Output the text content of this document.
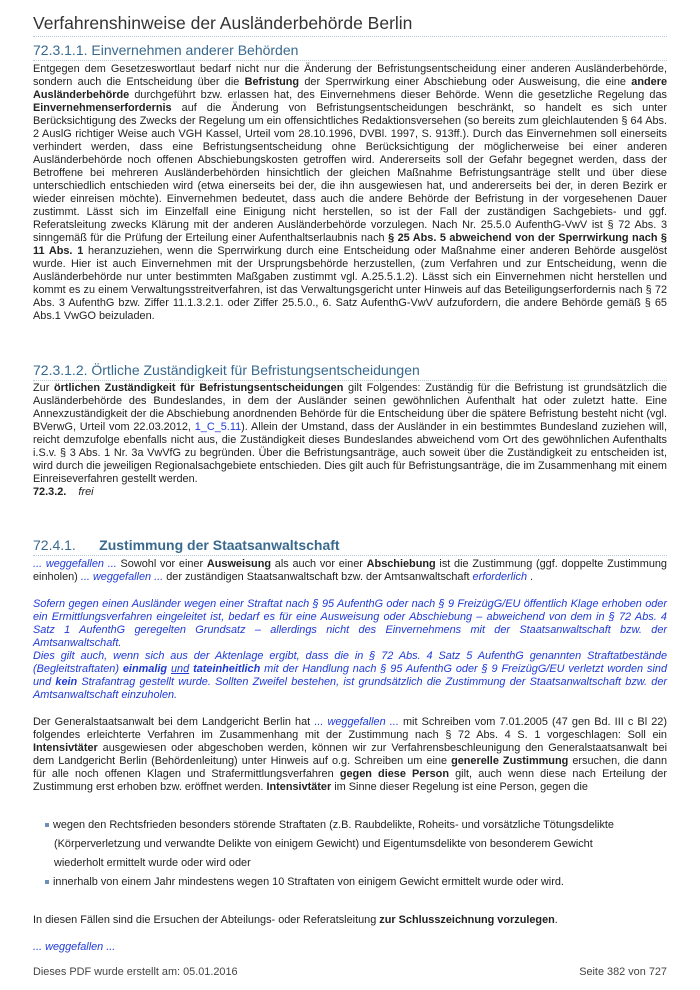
Verfahrenshinweise der Ausländerbehörde Berlin
72.3.1.1. Einvernehmen anderer Behörden

Entgegen dem Gesetzeswortlaut bedarf nicht nur die Änderung der Befristungsentscheidung einer anderen Ausländerbehörde, sondern auch die Entscheidung über die Befristung der Sperrwirkung einer Abschiebung oder Ausweisung, die eine andere Ausländerbehörde durchgeführt bzw. erlassen hat, des Einvernehmens dieser Behörde. Wenn die gesetzliche Regelung das Einvernehmenserfordernis auf die Änderung von Befristungsentscheidungen beschränkt, so handelt es sich unter Berücksichtigung des Zwecks der Regelung um ein offensichtliches Redaktionsversehen (so bereits zum gleichlautenden § 64 Abs. 2 AuslG richtiger Weise auch VGH Kassel, Urteil vom 28.10.1996, DVBl. 1997, S. 913ff.). Durch das Einvernehmen soll einerseits verhindert werden, dass eine Befristungsentscheidung ohne Berücksichtigung der möglicherweise bei einer anderen Ausländerbehörde noch offenen Abschiebungskosten getroffen wird. Andererseits soll der Gefahr begegnet werden, dass der Betroffene bei mehreren Ausländerbehörden hinsichtlich der gleichen Maßnahme Befristungsanträge stellt und über diese unterschiedlich entschieden wird (etwa einerseits bei der, die ihn ausgewiesen hat, und andererseits bei der, in deren Bezirk er wieder einreisen möchte). Einvernehmen bedeutet, dass auch die andere Behörde der Befristung in der vorgesehenen Dauer zustimmt. Lässt sich im Einzelfall eine Einigung nicht herstellen, so ist der Fall der zuständigen Sachgebiets- und ggf. Referatsleitung zwecks Klärung mit der anderen Ausländerbehörde vorzulegen. Nach Nr. 25.5.0 AufenthG-VwV ist § 72 Abs. 3 sinngemäß für die Prüfung der Erteilung einer Aufenthaltserlaubnis nach § 25 Abs. 5 abweichend von der Sperrwirkung nach § 11 Abs. 1 heranzuziehen, wenn die Sperrwirkung durch eine Entscheidung oder Maßnahme einer anderen Behörde ausgelöst wurde. Hier ist auch Einvernehmen mit der Ursprungsbehörde herzustellen, (zum Verfahren und zur Entscheidung, wenn die Ausländerbehörde nur unter bestimmten Maßgaben zustimmt vgl. A.25.5.1.2). Lässt sich ein Einvernehmen nicht herstellen und kommt es zu einem Verwaltungsstreitverfahren, ist das Verwaltungsgericht unter Hinweis auf das Beteiligungserfordernis nach § 72 Abs. 3 AufenthG bzw. Ziffer 11.1.3.2.1. oder Ziffer 25.5.0., 6. Satz AufenthG-VwV aufzufordern, die andere Behörde gemäß § 65 Abs.1 VwGO beizuladen.

72.3.1.2. Örtliche Zuständigkeit für Befristungsentscheidungen

Zur örtlichen Zuständigkeit für Befristungsentscheidungen gilt Folgendes: Zuständig für die Befristung ist grundsätzlich die Ausländerbehörde des Bundeslandes, in dem der Ausländer seinen gewöhnlichen Aufenthalt hat oder zuletzt hatte. Eine Annexzuständigkeit der die Abschiebung anordnenden Behörde für die Entscheidung über die spätere Befristung besteht nicht (vgl. BVerwG, Urteil vom 22.03.2012, 1_C_5.11). Allein der Umstand, dass der Ausländer in ein bestimmtes Bundesland zuziehen will, reicht demzufolge ebenfalls nicht aus, die Zuständigkeit dieses Bundeslandes abweichend vom Ort des gewöhnlichen Aufenthalts i.S.v. § 3 Abs. 1 Nr. 3a VwVfG zu begründen. Über die Befristungsanträge, auch soweit über die Zuständigkeit zu entscheiden ist, wird durch die jeweiligen Regionalsachgebiete entschieden. Dies gilt auch für Befristungsanträge, die im Zusammenhang mit einem Einreiseverfahren gestellt werden.

72.3.2. frei

72.4.1. Zustimmung der Staatsanwaltschaft

... weggefallen ... Sowohl vor einer Ausweisung als auch vor einer Abschiebung ist die Zustimmung (ggf. doppelte Zustimmung einholen) ... weggefallen ... der zuständigen Staatsanwaltschaft bzw. der Amtsanwaltschaft erforderlich .

Sofern gegen einen Ausländer wegen einer Straftat nach § 95 AufenthG oder nach § 9 FreizügG/EU öffentlich Klage erhoben oder ein Ermittlungsverfahren eingeleitet ist, bedarf es für eine Ausweisung oder Abschiebung – abweichend von dem in § 72 Abs. 4 Satz 1 AufenthG geregelten Grundsatz – allerdings nicht des Einvernehmens mit der Staatsanwaltschaft bzw. der Amtsanwaltschaft.

Dies gilt auch, wenn sich aus der Aktenlage ergibt, dass die in § 72 Abs. 4 Satz 5 AufenthG genannten Straftatbestände (Begleitstraftaten) einmalig und tateinheitlich mit der Handlung nach § 95 AufenthG oder § 9 FreizügG/EU verletzt worden sind und kein Strafantrag gestellt wurde. Sollten Zweifel bestehen, ist grundsätzlich die Zustimmung der Staatsanwaltschaft bzw. der Amtsanwaltschaft einzuholen.

Der Generalstaatsanwalt bei dem Landgericht Berlin hat ... weggefallen ... mit Schreiben vom 7.01.2005 (47 gen Bd. III c Bl 22) folgendes erleichterte Verfahren im Zusammenhang mit der Zustimmung nach § 72 Abs. 4 S. 1 vorgeschlagen: Soll ein Intensivtäter ausgewiesen oder abgeschoben werden, können wir zur Verfahrensbeschleunigung den Generalstaatsanwalt bei dem Landgericht Berlin (Behördenleitung) unter Hinweis auf o.g. Schreiben um eine generelle Zustimmung ersuchen, die dann für alle noch offenen Klagen und Strafermittlungsverfahren gegen diese Person gilt, auch wenn diese nach Erteilung der Zustimmung erst erhoben bzw. eröffnet werden. Intensivtäter im Sinne dieser Regelung ist eine Person, gegen die

wegen den Rechtsfrieden besonders störende Straftaten (z.B. Raubdelikte, Roheits- und vorsätzliche Tötungsdelikte
(Körperverletzung und verwandte Delikte von einigem Gewicht) und Eigentumsdelikte von besonderem Gewicht
wiederholt ermittelt wurde oder wird oder
innerhalb von einem Jahr mindestens wegen 10 Straftaten von einigem Gewicht ermittelt wurde oder wird.

In diesen Fällen sind die Ersuchen der Abteilungs- oder Referatsleitung zur Schlusszeichnung vorzulegen.

... weggefallen ...

Dieses PDF wurde erstellt am: 05.01.2016	Seite 382 von 727
